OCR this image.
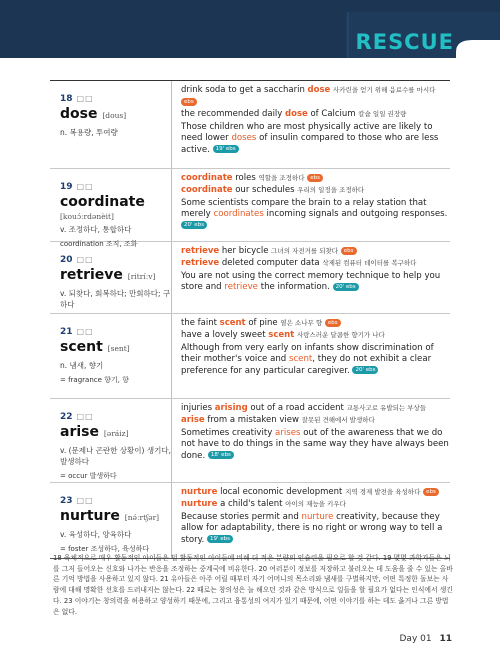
RESCUE
18 □□
dose [dous]
n. 복용량, 투여량
drink soda to get a saccharin dose 사카린을 얻기 위해 음료수를 마시다 ebs
the recommended daily dose of Calcium 칼슘 일일 권장량
Those children who are most physically active are likely to need lower doses of insulin compared to those who are less active. 19' ebs
19 □□
coordinate
[kouɔ́ːrdənèit]
v. 조정하다, 통합하다
coordination 조직, 조화
coordinate roles 역할을 조정하다 ebs
coordinate our schedules 우리의 일정을 조정하다
Some scientists compare the brain to a relay station that merely coordinates incoming signals and outgoing responses. 20' ebs
20 □□
retrieve [ritríːv]
v. 되찾다, 회복하다; 만회하다; 구하다
retrieve her bicycle 그녀의 자전거를 되찾다 ebs
retrieve deleted computer data 삭제된 컴퓨터 데이터를 복구하다
You are not using the correct memory technique to help you store and retrieve the information. 20' ebs
21 □□
scent [sent]
n. 냄새, 향기
= fragrance 향기, 향
the faint scent of pine 옅은 소나무 향 ebs
have a lovely sweet scent 사랑스러운 달콤한 향기가 나다
Although from very early on infants show discrimination of their mother's voice and scent, they do not exhibit a clear preference for any particular caregiver. 20' ebs
22 □□
arise [əráiz]
v. (문제나 곤란한 상황이) 생기다, 발생하다
= occur 발생하다
injuries arising out of a road accident 교통사고로 유발되는 부상들
arise from a mistaken view 잘못된 견해에서 발생하다
Sometimes creativity arises out of the awareness that we do not have to do things in the same way they have always been done. 18' ebs
23 □□
nurture [nə́ːrtʃər]
v. 육성하다, 양육하다
= foster 조성하다, 육성하다
nurture local economic development 지역 경제 발전을 육성하다 ebs
nurture a child's talent 아이의 재능을 키우다
Because stories permit and nurture creativity, because they allow for adaptability, there is no right or wrong way to tell a story. 19' ebs
18 육체적으로 매우 활동적인 아이들은 덜 활동적인 아이들에 비해 더 적은 분량의 인슐린을 필요로 할 것 같다. 19 몇몇 과학자들은 뇌를 그저 들어오는 신호와 나가는 반응을 조정하는 중계국에 비유한다. 20 여러분이 정보를 저장하고 불러오는 데 도움을 줄 수 있는 올바른 기억 방법을 사용하고 있지 않다. 21 유아들은 아주 어릴 때부터 자기 어머니의 목소리와 냄새를 구별하지만, 어떤 특정한 돌보는 사람에 대해 명확한 선호를 드러내지는 않는다. 22 때로는 창의성은 늘 해오던 것과 같은 방식으로 일들을 할 필요가 없다는 인식에서 생긴다. 23 이야기는 창의력을 허용하고 양성하기 때문에, 그리고 융통성의 여지가 있기 때문에, 어떤 이야기를 하는 데도 옳거나 그른 방법은 없다.
Day 01 11
